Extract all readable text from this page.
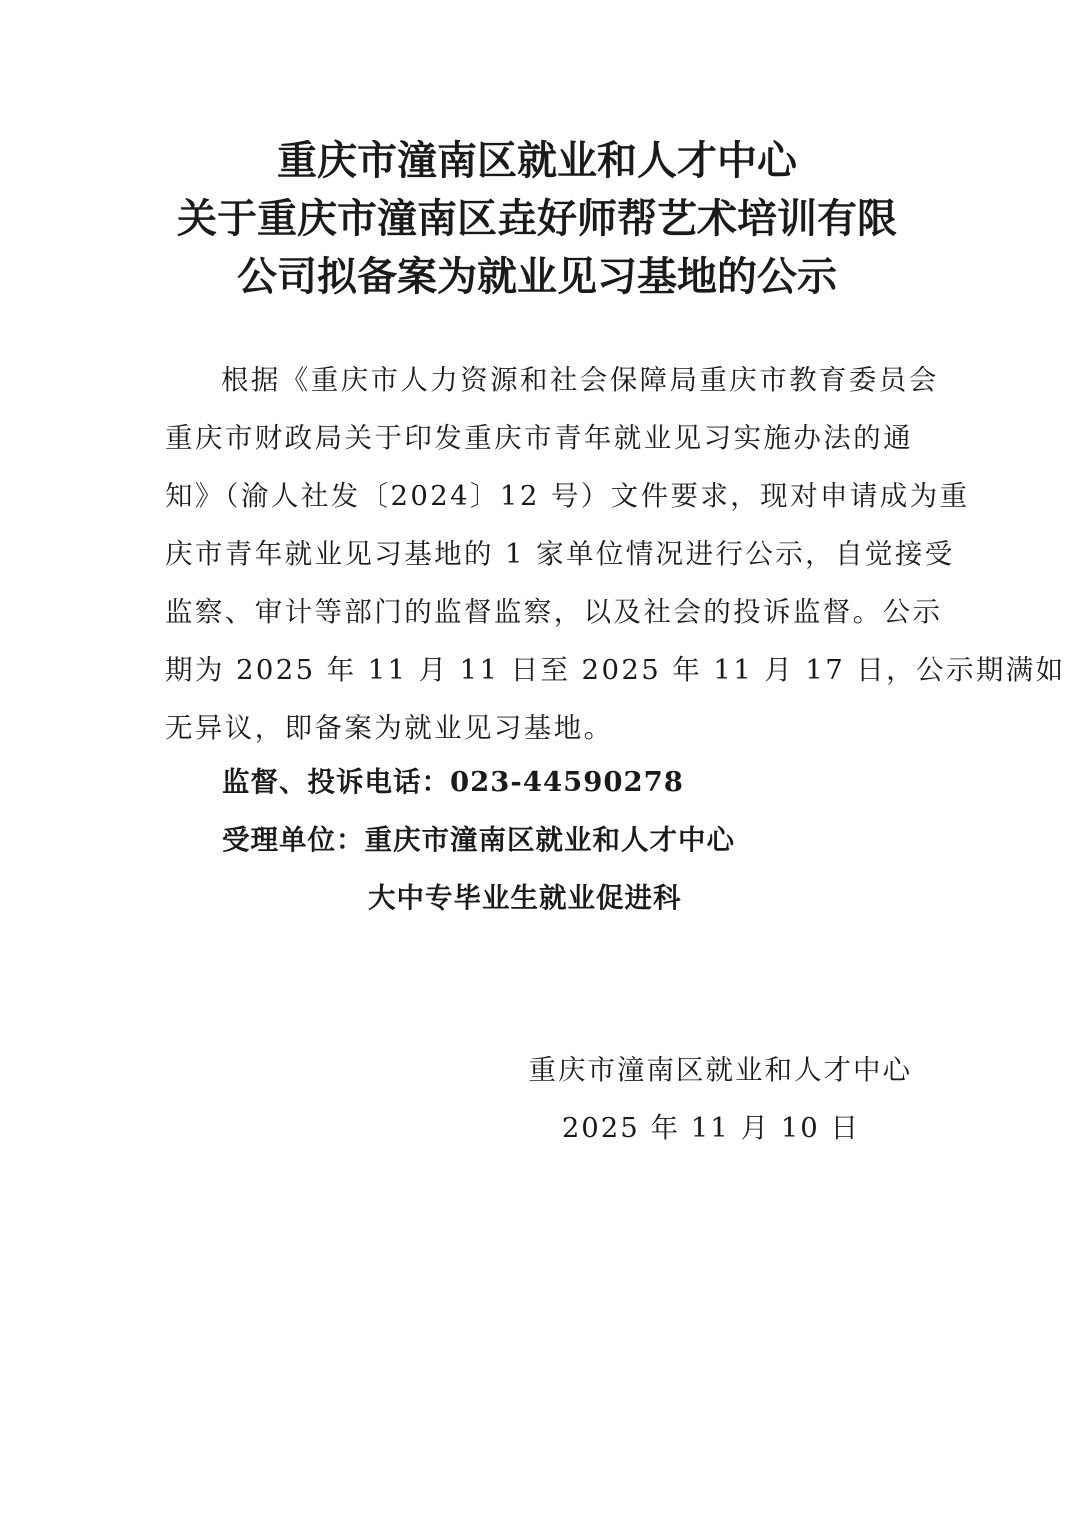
重庆市潼南区就业和人才中心
关于重庆市潼南区垚好师帮艺术培训有限
公司拟备案为就业见习基地的公示
根据《重庆市人力资源和社会保障局重庆市教育委员会
重庆市财政局关于印发重庆市青年就业见习实施办法的通
知》（渝人社发〔2024〕12 号）文件要求，现对申请成为重
庆市青年就业见习基地的 1 家单位情况进行公示，自觉接受
监察、审计等部门的监督监察，以及社会的投诉监督。公示
期为 2025 年 11 月 11 日至 2025 年 11 月 17 日，公示期满如
无异议，即备案为就业见习基地。
监督、投诉电话：023-44590278
受理单位：重庆市潼南区就业和人才中心
大中专毕业生就业促进科
重庆市潼南区就业和人才中心
2025 年 11 月 10 日
